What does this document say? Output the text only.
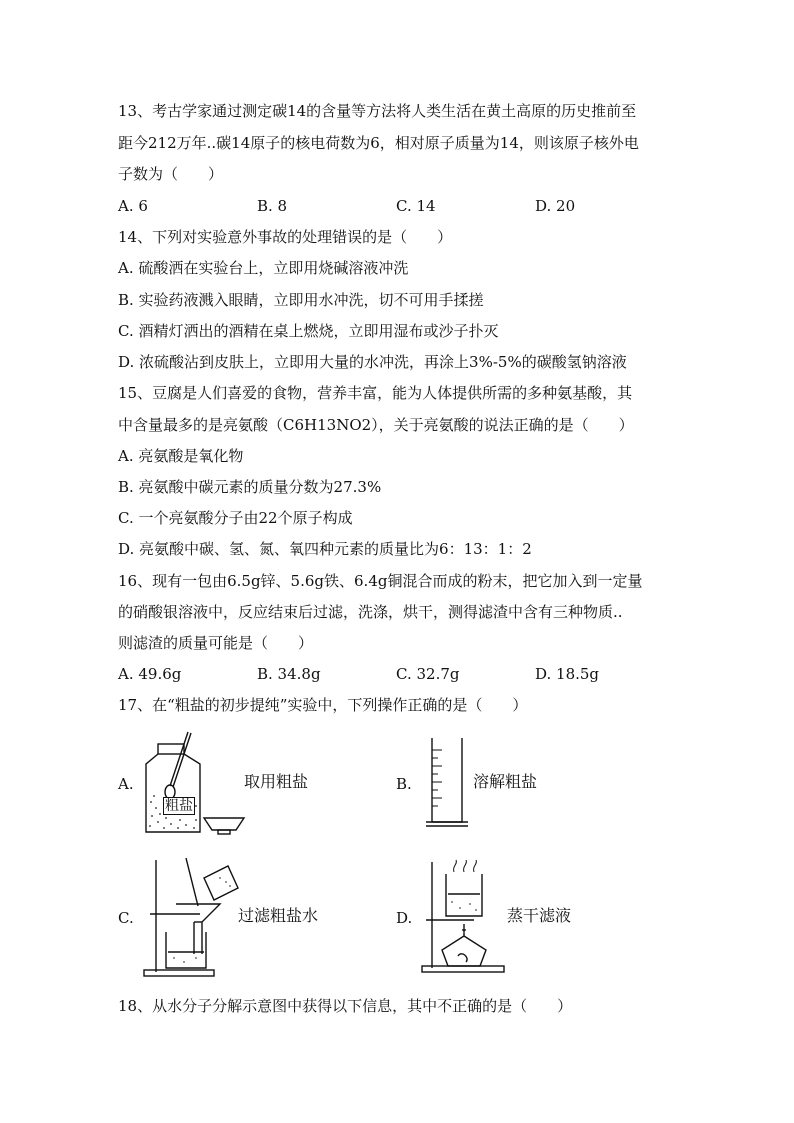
13、考古学家通过测定碳14的含量等方法将人类生活在黄土高原的历史推前至
距今212万年..碳14原子的核电荷数为6，相对原子质量为14，则该原子核外电
子数为（　　）
A. 6	B. 8	C. 14	D. 20
14、下列对实验意外事故的处理错误的是（　　）
A. 硫酸洒在实验台上，立即用烧碱溶液冲洗
B. 实验药液溅入眼睛，立即用水冲洗，切不可用手揉搓
C. 酒精灯洒出的酒精在桌上燃烧，立即用湿布或沙子扑灭
D. 浓硫酸沾到皮肤上，立即用大量的水冲洗，再涂上3%-5%的碳酸氢钠溶液
15、豆腐是人们喜爱的食物，营养丰富，能为人体提供所需的多种氨基酸，其
中含量最多的是亮氨酸（C6H13NO2），关于亮氨酸的说法正确的是（　　）
A. 亮氨酸是氧化物
B. 亮氨酸中碳元素的质量分数为27.3%
C. 一个亮氨酸分子由22个原子构成
D. 亮氨酸中碳、氢、氮、氧四种元素的质量比为6：13：1：2
16、现有一包由6.5g锌、5.6g铁、6.4g铜混合而成的粉末，把它加入到一定量
的硝酸银溶液中，反应结束后过滤，洗涤，烘干，测得滤渣中含有三种物质..
则滤渣的质量可能是（　　）
A. 49.6g	B. 34.8g	C. 32.7g	D. 18.5g
17、在“粗盐的初步提纯”实验中，下列操作正确的是（　　）
A.
粗盐
取用粗盐	B.	溶解粗盐
C.	过滤粗盐水	D.	蒸干滤液
18、从水分子分解示意图中获得以下信息，其中不正确的是（　　）
